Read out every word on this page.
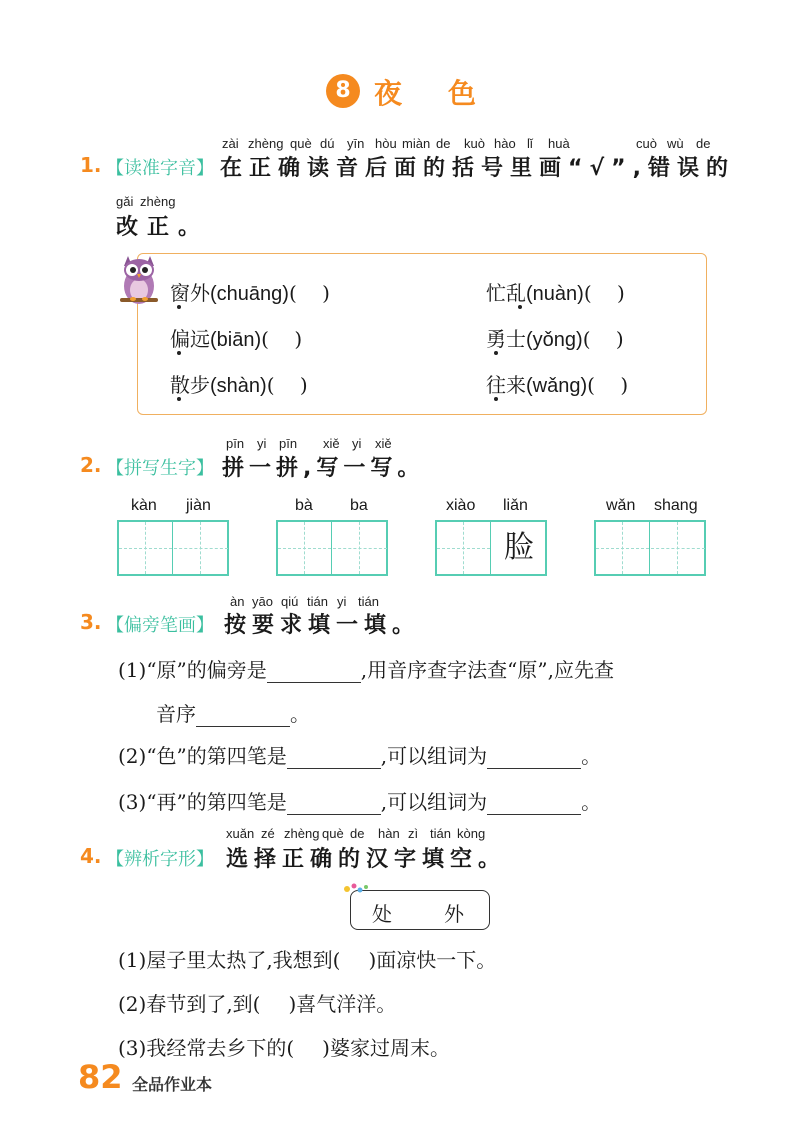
8 夜 色
zài zhèng què dú yīn hòu miàn de kuò hào lǐ huà	cuò wù de
1. 【读准字音】 在正确读音后面的括号里画“√”,错误的
gǎi zhèng
改正。
窗外(chuāng)(    )	忙乱(nuàn)(    )
偏远(biān)(    )	勇士(yǒng)(    )
散步(shàn)(    )	往来(wǎng)(    )
pīn yi pīn xiě yi xiě
2. 【拼写生字】 拼一拼,写一写。
kàn jiàn	bà ba	xiào liǎn	wǎn shang
脸
àn yāo qiú tián yi tián
3. 【偏旁笔画】 按要求填一填。
(1)“原”的偏旁是	,用音序查字法查“原”,应先查
音序	。
(2)“色”的第四笔是	,可以组词为	。
(3)“再”的第四笔是	,可以组词为	。
xuǎn zé zhèng què de hàn zì tián kòng
4. 【辨析字形】 选择正确的汉字填空。
处	外
(1)屋子里太热了,我想到( )面凉快一下。
(2)春节到了,到( )喜气洋洋。
(3)我经常去乡下的( )婆家过周末。
82 全品作业本
